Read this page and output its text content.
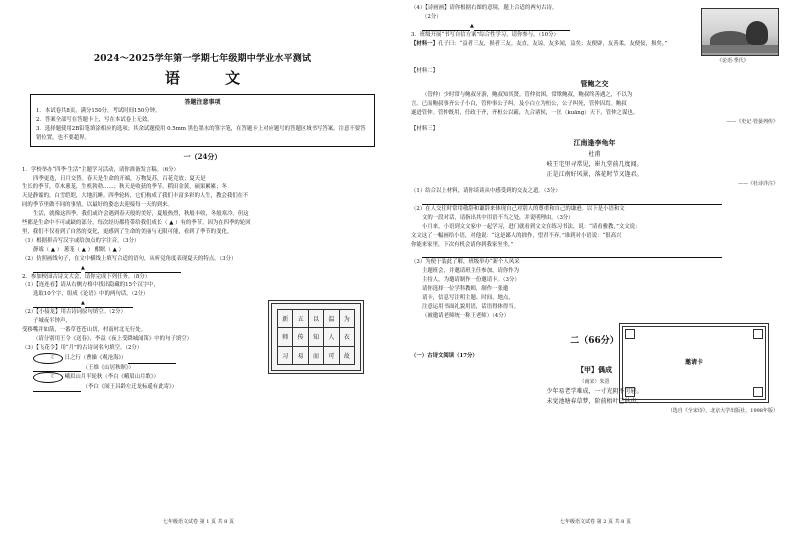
2024～2025学年第一学期七年级期中学业水平测试
语 文
答题注意事项

1．本试卷共8页，满分150分，考试时间150分钟。

2．答案全部写在答题卡上，写在本试卷上无效。

3．选择题使用2B铅笔填涂相应的选项；其余试题使用 0.5mm 黑色墨水的签字笔，在答题卡上对应题号的答题区域书写答案，注意不要答错位置，也不要超界。

一（24分）

1．学校举办“四季·生活”主题学习活动，请你准备发言稿。（6分）

四季更迭，日月交替。春天是生命的开端，万物复苏，百花竞放；夏天是

生长的季节，草木葱茏，生机勃勃……；秋天是收获的季节，稻田金黄，硕果累累；冬

天是静谧的，白雪皑皑，大地沉睡。四季轮转，它们构成了我们丰富多彩的人生，教会我们在不

同的季节里做不同的事情，以最好的姿态去迎接每一天的到来。

生活，就像这四季。我们或许会遇到春天般的美好，夏般热烈，秋般丰收，冬般寒冷。但这

些都是生命中不可或缺的部分，每次经历都将带给我们成长（ ▲ ）有的季节，因为在四季的轮回

里，我们不仅看到了自然的变化，更感到了生命的美丽与无限可能，看到了季节的变化。

（1）根据拼音写汉字或给加点的字注音。（3分）

静谧（ ▲ ） 葱茏（ ▲ ） 酣眠（ ▲ ）

（2）仿照画线句子，在文中横线上填写合适的语句，从听觉角度表现夏天的特点。（3分）

▲

2．参加校园古诗文大会，请你完成下列任务。（8分）

（1）【连连看】请从右侧方格中找出隐藏的15个汉字中，

选取10个字，组成《论语》中的两句话。（2分）

▲

（2）【小接龙】用古诗词原句填空。（2分）

子城夜半钟声，

受移嘴并如箭，一番草苍苍山切，村南村北无行处。

（请分别用王令《送春》、李益《夜上受降城闻笛》中的句子填空）

（3）【飞花令】用“月”的古诗词名句填空。（2分）

☾ 日之行（曹操《观沧海》）

（王维《山居秋暝》）

☾ 峨眉山月半轮秋（李白《峨眉山月歌》）

（李白《闻王昌龄左迁龙标遥有此寄》）

新	五	以	温	为
师	传	知	人	衣
习	易	而	可	故
七年级语文试卷 第 1 页 共 8 页

（4）【诗画画】请你根据右图的意境，题上合适的两句古诗。

（2分）

▲

3．班级开展“书写自信方案”综合性学习，请你参与。（10分）

【材料一】孔子曰：“益者三友，损者三友。友直，友谅，友多闻，益矣；友便辟，友善柔，友便佞，损矣。”

《论语·季氏》

【材料二】

管鲍之交

（管仲）少时常与鲍叔牙游，鲍叔知其贤。管仲贫困，常欺鲍叔，鲍叔终善遇之，不以为

言。已而鲍叔事齐公子小白，管仲事公子纠。及小白立为桓公，公子纠死，管仲囚焉。鲍叔

遂进管仲。管仲既用，任政于齐，齐桓公以霸，九合诸侯，一匡（kuāng）天下，管仲之谋也。

——《史记·管晏列传》

【材料三】

江南逢李龟年

杜甫

岐王宅里寻常见，崔九堂前几度闻。

正是江南好风景，落花时节又逢君。

——《杜诗详注》

（1）结合以上材料，请你谈谈从中感受到的交友之道。（3分）

（2）在人交往时常用敬辞和谦辞来体现自己对别人的尊重和自己的谦逊。以下是小语和文

文的一段对话，请指出其中用语不当之处，并说明理由。（3分）

小月来，小语到文文家中一起学习，进门就看到文文在练习书法，说：“请看雅教，”文文说：

文文这了一幅画给小语，对他说：“这是鄙人的拙作，望君不弃。”谁到对小语说：“很高兴

你能来家里，下次有机会请你到我家坐坐。”

（3）为便于装此了解，班级举办“新个人风采

主题班会，并邀请班主任参加，请你作为

主持人，为邀请制作一份邀请卡。（3分）

请你选择一位学科教师，制作一张邀

请卡，信息写注明主题、时间、地点，

注意运用书面礼貌用语，话语得体得当。

（被邀请老师统一称王老师）（4分）

邀请卡
二（66分）

（一）古诗文阅读（17分）

【甲】偶成

（南宋）朱熹

少年易老学难成，一寸光阴不可轻。

未觉池塘春草梦，阶前梧叶已秋声。

（选自《全宋诗》，北京大学出版社，1998年版）

七年级语文试卷 第 2 页 共 8 页
